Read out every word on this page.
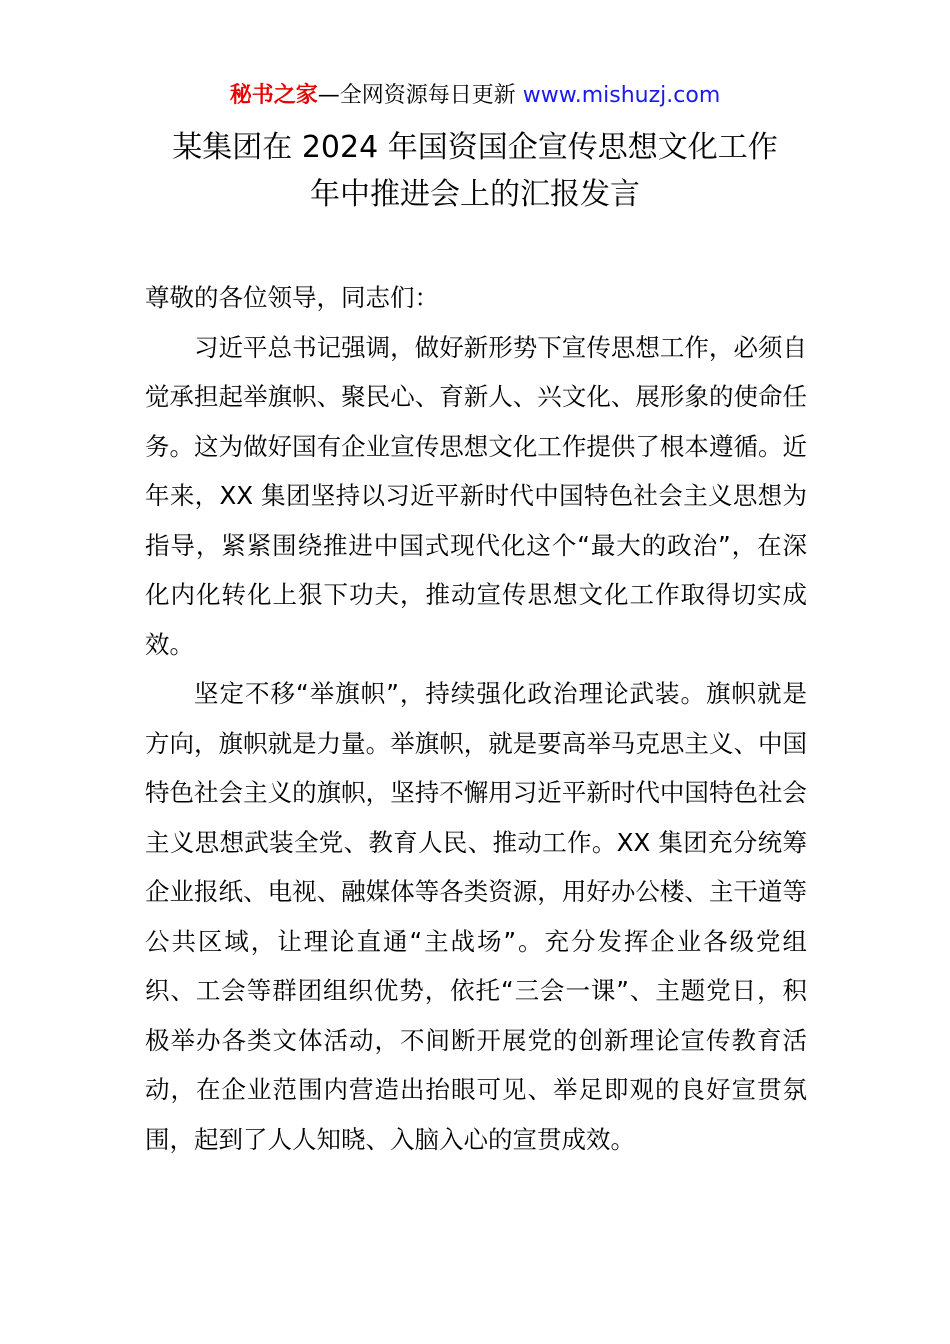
秘书之家—全网资源每日更新 www.mishuzj.com
某集团在 2024 年国资国企宣传思想文化工作
年中推进会上的汇报发言

尊敬的各位领导，同志们：

习近平总书记强调，做好新形势下宣传思想工作，必须自觉承担起举旗帜、聚民心、育新人、兴文化、展形象的使命任务。这为做好国有企业宣传思想文化工作提供了根本遵循。近年来，XX 集团坚持以习近平新时代中国特色社会主义思想为指导，紧紧围绕推进中国式现代化这个“最大的政治”，在深化内化转化上狠下功夫，推动宣传思想文化工作取得切实成效。

坚定不移“举旗帜”，持续强化政治理论武装。旗帜就是方向，旗帜就是力量。举旗帜，就是要高举马克思主义、中国特色社会主义的旗帜，坚持不懈用习近平新时代中国特色社会主义思想武装全党、教育人民、推动工作。XX 集团充分统筹企业报纸、电视、融媒体等各类资源，用好办公楼、主干道等公共区域，让理论直通“主战场”。充分发挥企业各级党组织、工会等群团组织优势，依托“三会一课”、主题党日，积极举办各类文体活动，不间断开展党的创新理论宣传教育活动，在企业范围内营造出抬眼可见、举足即观的良好宣贯氛围，起到了人人知晓、入脑入心的宣贯成效。
